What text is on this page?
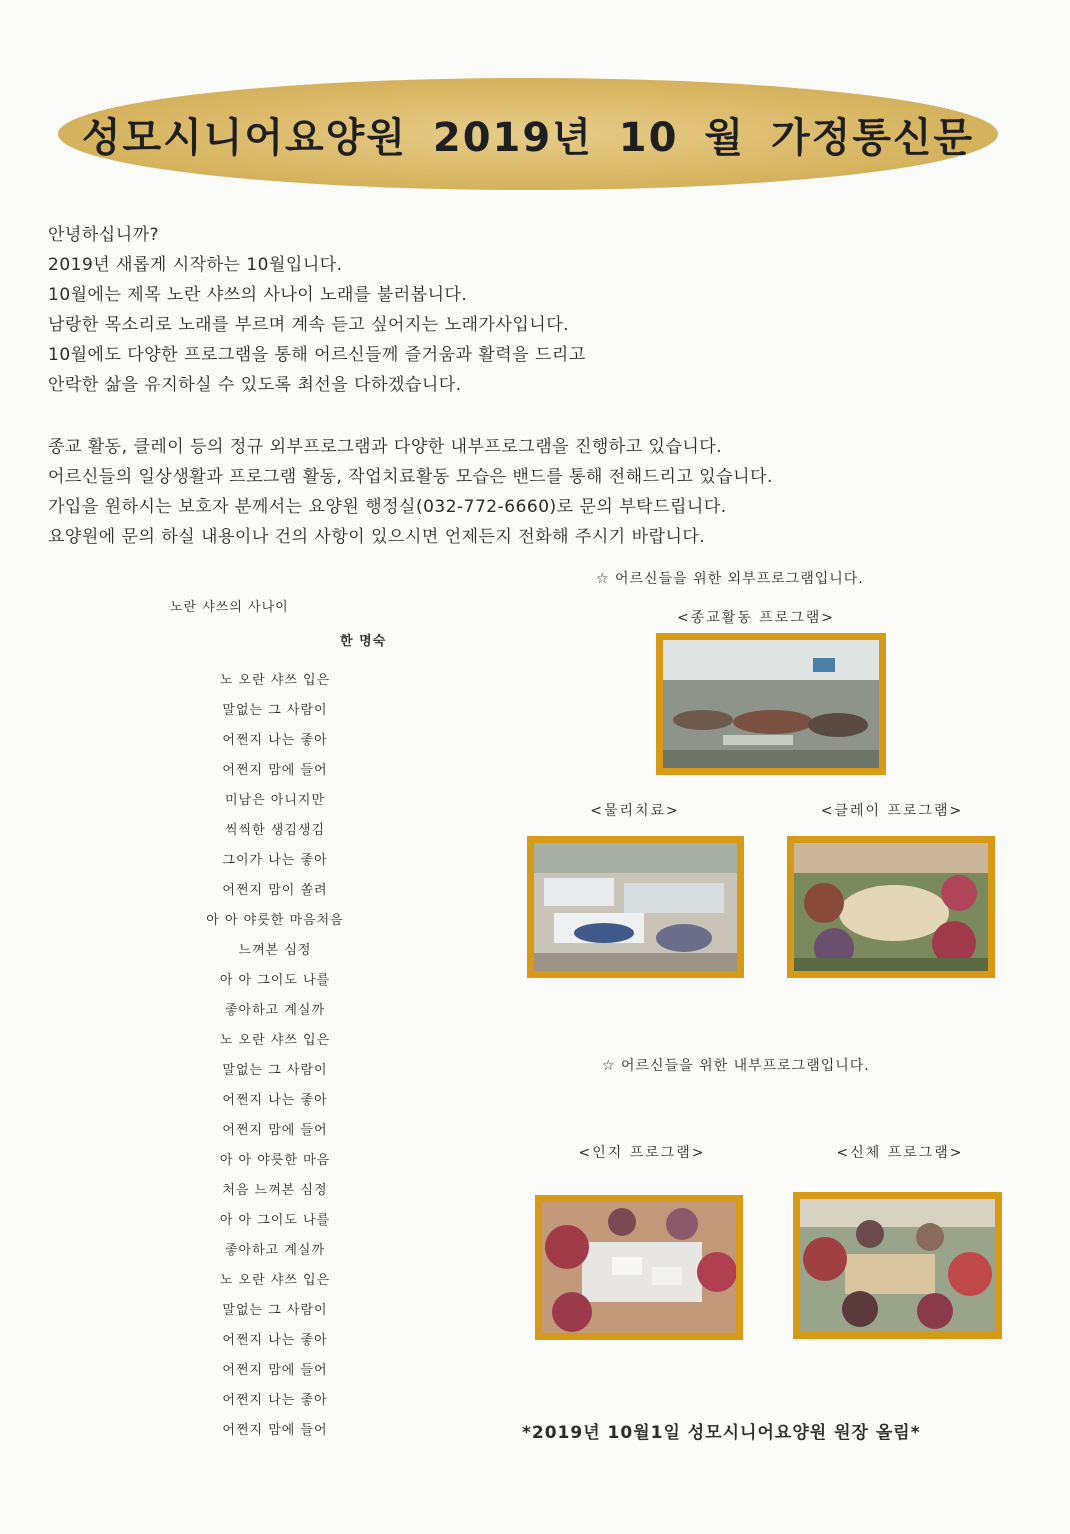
성모시니어요양원 2019년 10 월 가정통신문

안녕하십니까?

2019년 새롭게 시작하는 10월입니다.

10월에는 제목 노란 샤쓰의 사나이 노래를 불러봅니다.

남랑한 목소리로 노래를 부르며 계속 듣고 싶어지는 노래가사입니다.

10월에도 다양한 프로그램을 통해 어르신들께 즐거움과 활력을 드리고

안락한 삶을 유지하실 수 있도록 최선을 다하겠습니다.

종교 활동, 클레이 등의 정규 외부프로그램과 다양한 내부프로그램을 진행하고 있습니다.

어르신들의 일상생활과 프로그램 활동, 작업치료활동 모습은 밴드를 통해 전해드리고 있습니다.

가입을 원하시는 보호자 분께서는 요양원 행정실(032-772-6660)로 문의 부탁드립니다.

요양원에 문의 하실 내용이나 건의 사항이 있으시면 언제든지 전화해 주시기 바랍니다.

노란 샤쓰의 사나이
한 명숙
노 오란 샤쓰 입은
말없는 그 사람이
어쩐지 나는 좋아
어쩐지 맘에 들어
미남은 아니지만
씩씩한 생김생김
그이가 나는 좋아
어쩐지 맘이 쏠려
아 아 야릇한 마음처음
느껴본 심정
아 아 그이도 나를
좋아하고 계실까
노 오란 샤쓰 입은
말없는 그 사람이
어쩐지 나는 좋아
어쩐지 맘에 들어
아 아 야릇한 마음
처음 느껴본 심정
아 아 그이도 나를
좋아하고 계실까
노 오란 샤쓰 입은
말없는 그 사람이
어쩐지 나는 좋아
어쩐지 맘에 들어
어쩐지 나는 좋아
어쩐지 맘에 들어
☆ 어르신들을 위한 외부프로그램입니다.
<종교활동 프로그램>
<물리치료>	<클레이 프로그램>
☆ 어르신들을 위한 내부프로그램입니다.
<인지 프로그램>	<신체 프로그램>
*2019년 10월1일 성모시니어요양원 원장 올림*
